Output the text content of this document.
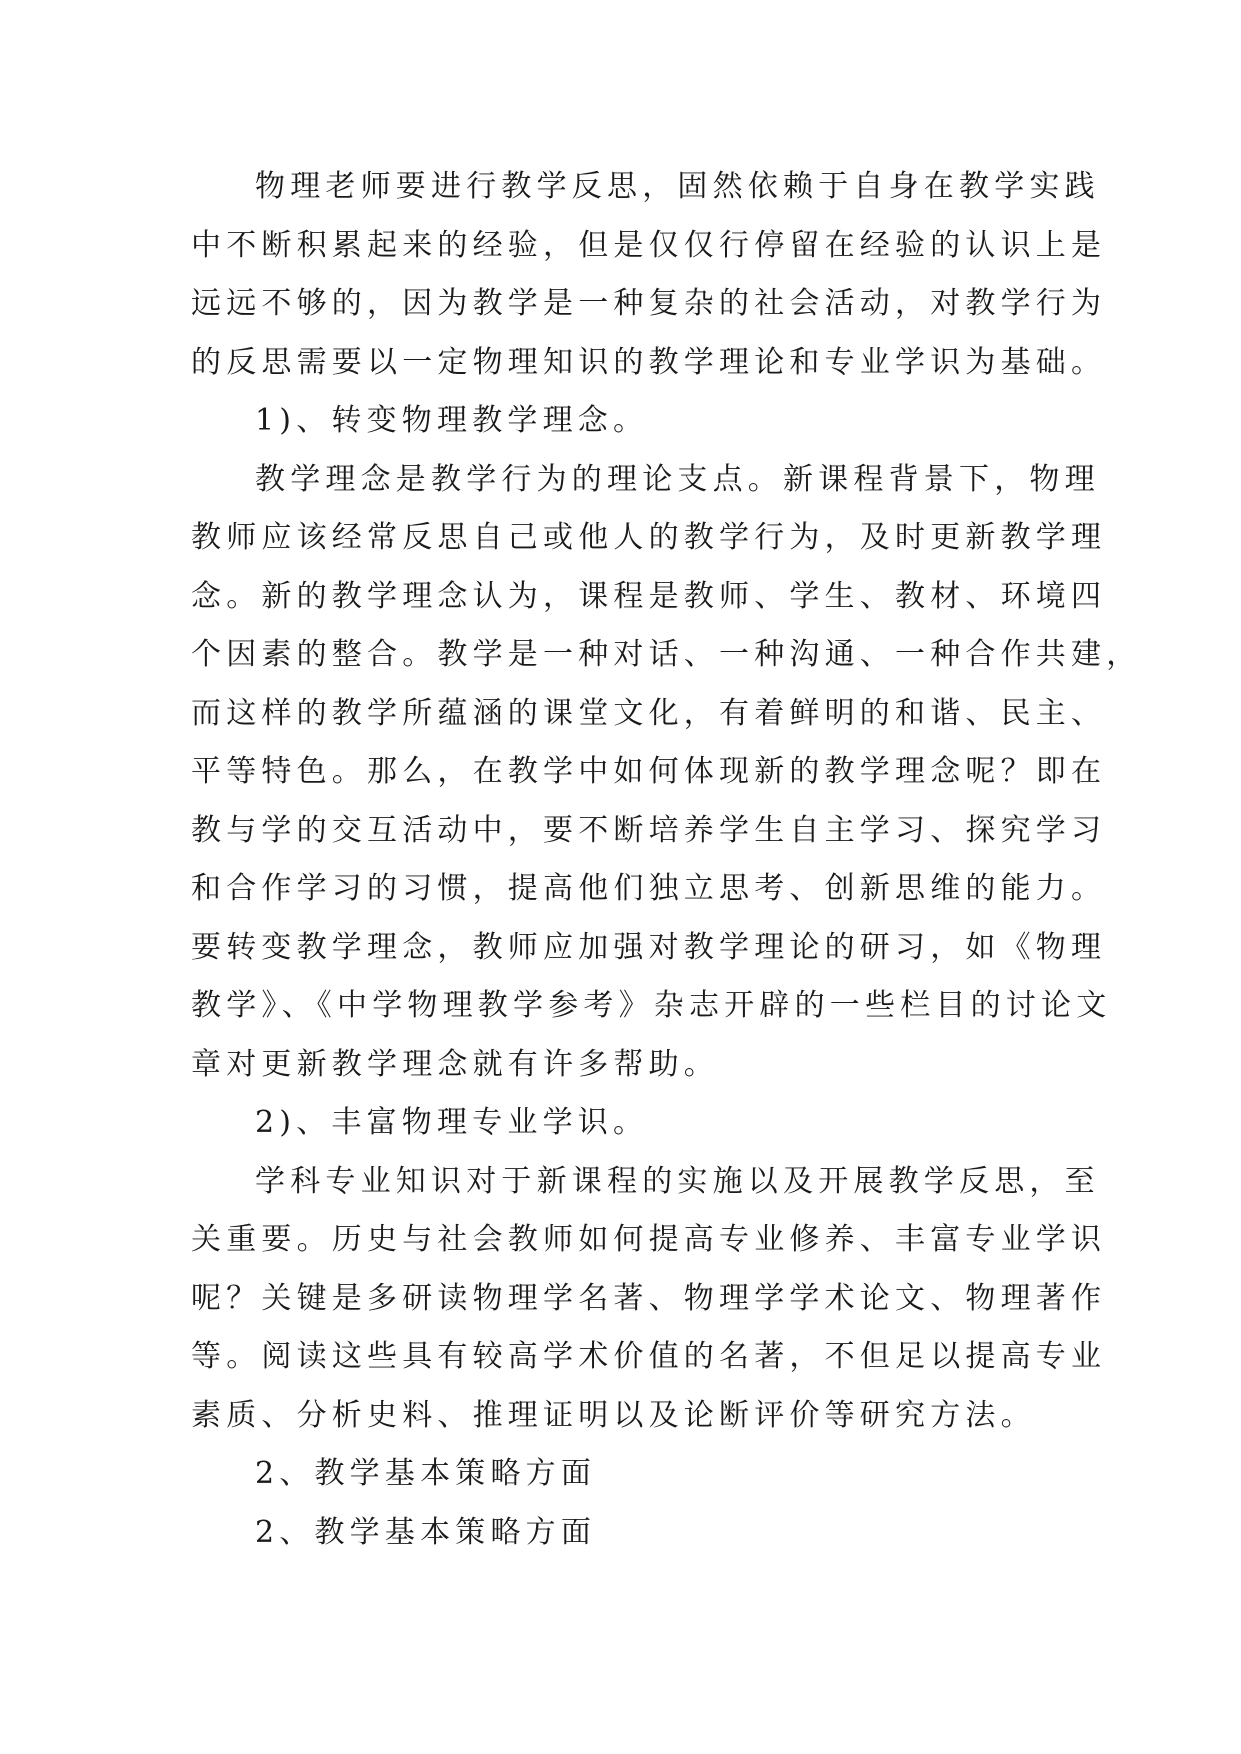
物理老师要进行教学反思，固然依赖于自身在教学实践
中不断积累起来的经验，但是仅仅行停留在经验的认识上是
远远不够的，因为教学是一种复杂的社会活动，对教学行为
的反思需要以一定物理知识的教学理论和专业学识为基础。
1)、转变物理教学理念。
教学理念是教学行为的理论支点。新课程背景下，物理
教师应该经常反思自己或他人的教学行为，及时更新教学理
念。新的教学理念认为，课程是教师、学生、教材、环境四
个因素的整合。教学是一种对话、一种沟通、一种合作共建，
而这样的教学所蕴涵的课堂文化，有着鲜明的和谐、民主、
平等特色。那么，在教学中如何体现新的教学理念呢？即在
教与学的交互活动中，要不断培养学生自主学习、探究学习
和合作学习的习惯，提高他们独立思考、创新思维的能力。
要转变教学理念，教师应加强对教学理论的研习，如《物理
教学》、《中学物理教学参考》杂志开辟的一些栏目的讨论文
章对更新教学理念就有许多帮助。
2)、丰富物理专业学识。
学科专业知识对于新课程的实施以及开展教学反思，至
关重要。历史与社会教师如何提高专业修养、丰富专业学识
呢？关键是多研读物理学名著、物理学学术论文、物理著作
等。阅读这些具有较高学术价值的名著，不但足以提高专业
素质、分析史料、推理证明以及论断评价等研究方法。
2、教学基本策略方面
2、教学基本策略方面
